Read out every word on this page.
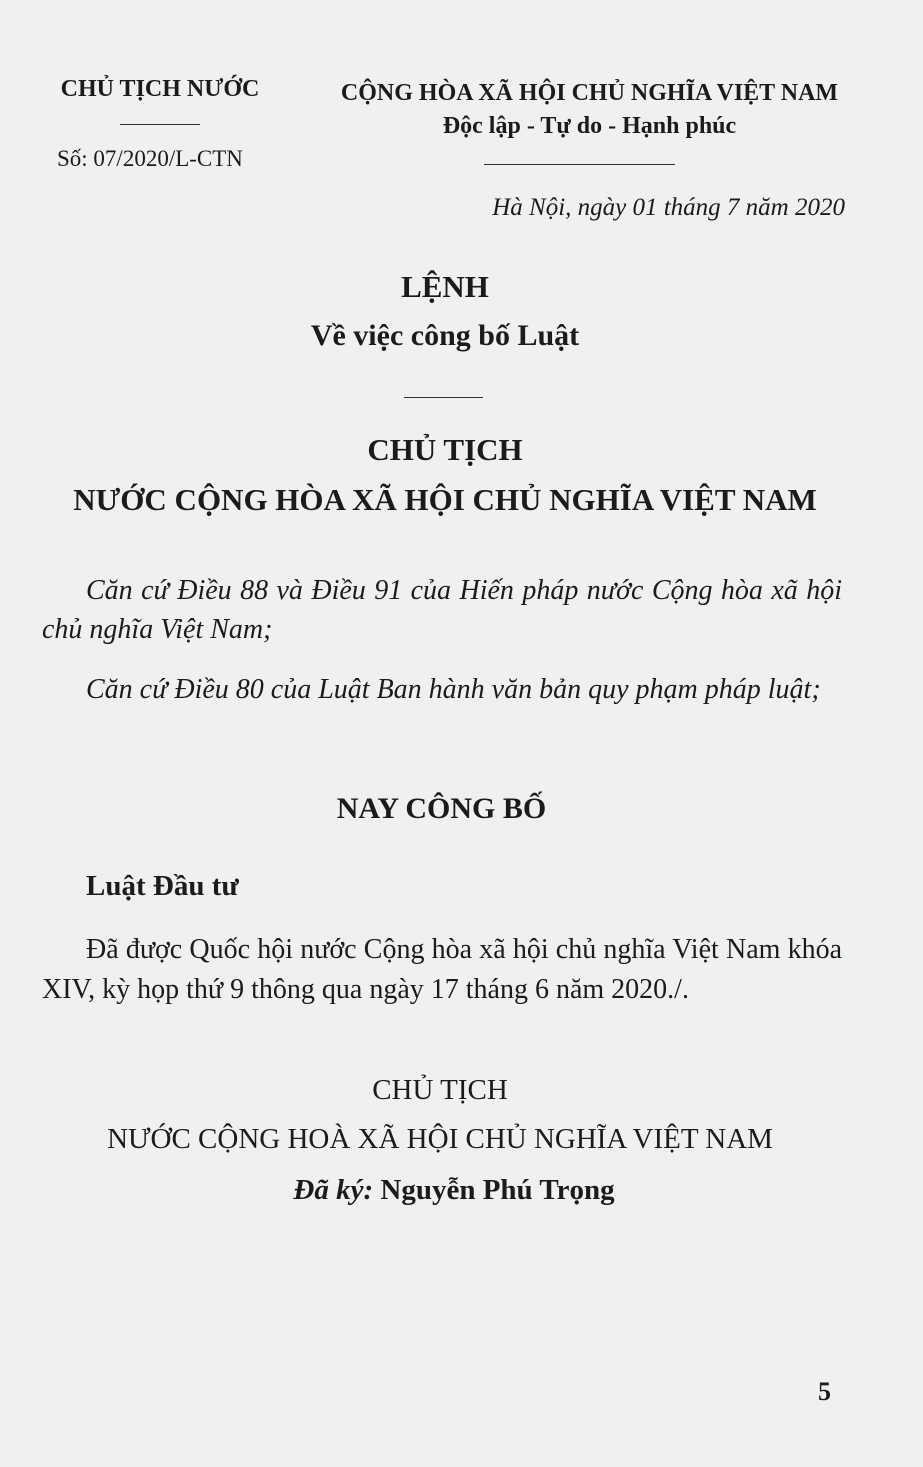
CHỦ TỊCH NƯỚC
Số: 07/2020/L-CTN
CỘNG HÒA XÃ HỘI CHỦ NGHĨA VIỆT NAM
Độc lập - Tự do - Hạnh phúc
Hà Nội, ngày 01 tháng 7 năm 2020
LỆNH
Về việc công bố Luật
CHỦ TỊCH
NƯỚC CỘNG HÒA XÃ HỘI CHỦ NGHĨA VIỆT NAM

Căn cứ Điều 88 và Điều 91 của Hiến pháp nước Cộng hòa xã hội chủ nghĩa Việt Nam;

Căn cứ Điều 80 của Luật Ban hành văn bản quy phạm pháp luật;

NAY CÔNG BỐ
Luật Đầu tư

Đã được Quốc hội nước Cộng hòa xã hội chủ nghĩa Việt Nam khóa XIV, kỳ họp thứ 9 thông qua ngày 17 tháng 6 năm 2020./.

CHỦ TỊCH
NƯỚC CỘNG HOÀ XÃ HỘI CHỦ NGHĨA VIỆT NAM
Đã ký: Nguyễn Phú Trọng
5
